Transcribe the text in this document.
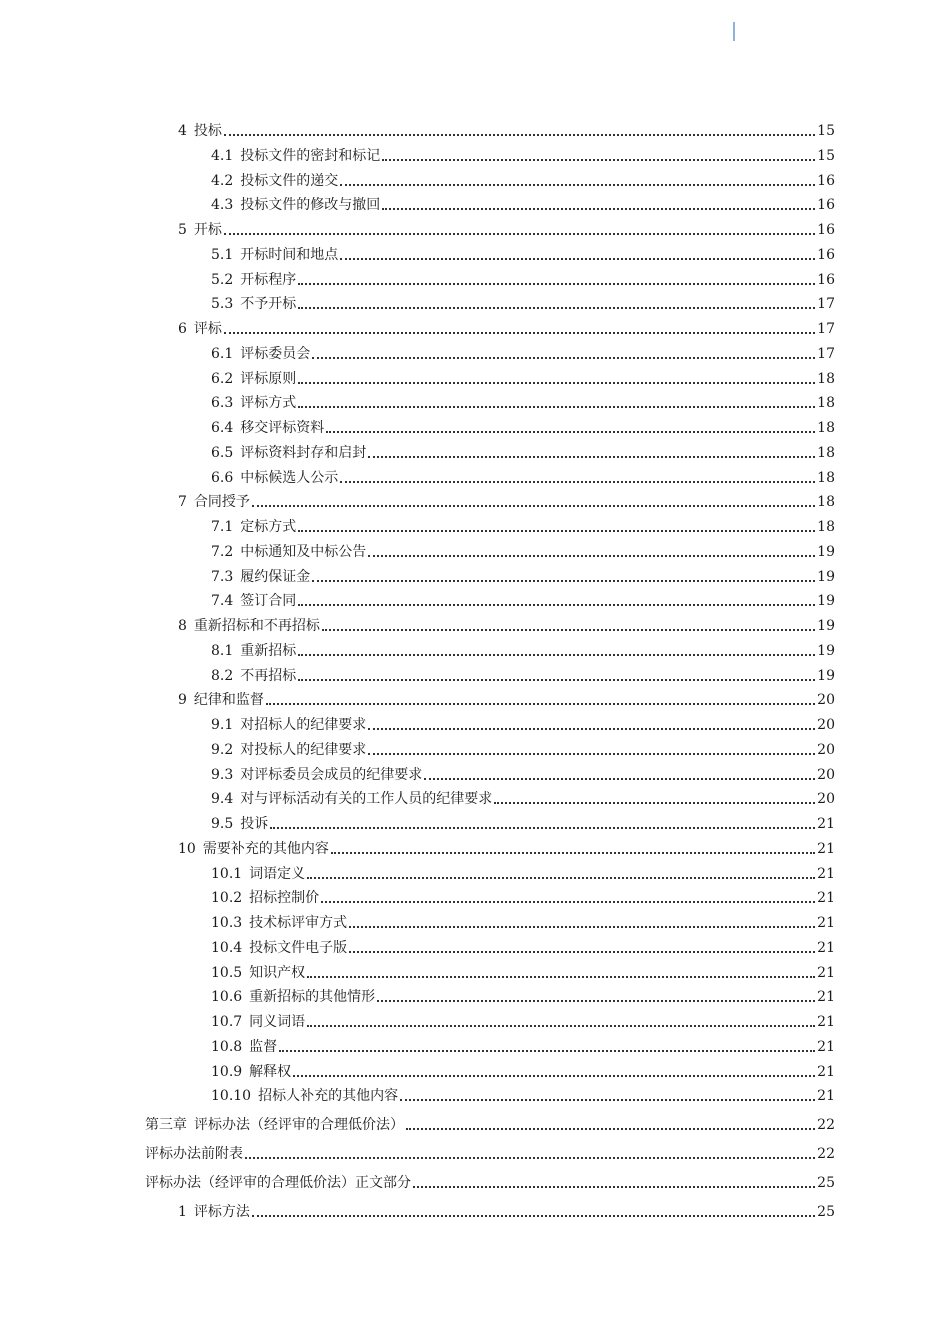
4 投标	15
4.1 投标文件的密封和标记	15
4.2 投标文件的递交	16
4.3 投标文件的修改与撤回	16
5 开标	16
5.1 开标时间和地点	16
5.2 开标程序	16
5.3 不予开标	17
6 评标	17
6.1 评标委员会	17
6.2 评标原则	18
6.3 评标方式	18
6.4 移交评标资料	18
6.5 评标资料封存和启封	18
6.6 中标候选人公示	18
7 合同授予	18
7.1 定标方式	18
7.2 中标通知及中标公告	19
7.3 履约保证金	19
7.4 签订合同	19
8 重新招标和不再招标	19
8.1 重新招标	19
8.2 不再招标	19
9 纪律和监督	20
9.1 对招标人的纪律要求	20
9.2 对投标人的纪律要求	20
9.3 对评标委员会成员的纪律要求	20
9.4 对与评标活动有关的工作人员的纪律要求	20
9.5 投诉	21
10 需要补充的其他内容	21
10.1 词语定义	21
10.2 招标控制价	21
10.3 技术标评审方式	21
10.4 投标文件电子版	21
10.5 知识产权	21
10.6 重新招标的其他情形	21
10.7 同义词语	21
10.8 监督	21
10.9 解释权	21
10.10 招标人补充的其他内容	21
第三章 评标办法（经评审的合理低价法）	22
评标办法前附表	22
评标办法（经评审的合理低价法）正文部分	25
1 评标方法	25
